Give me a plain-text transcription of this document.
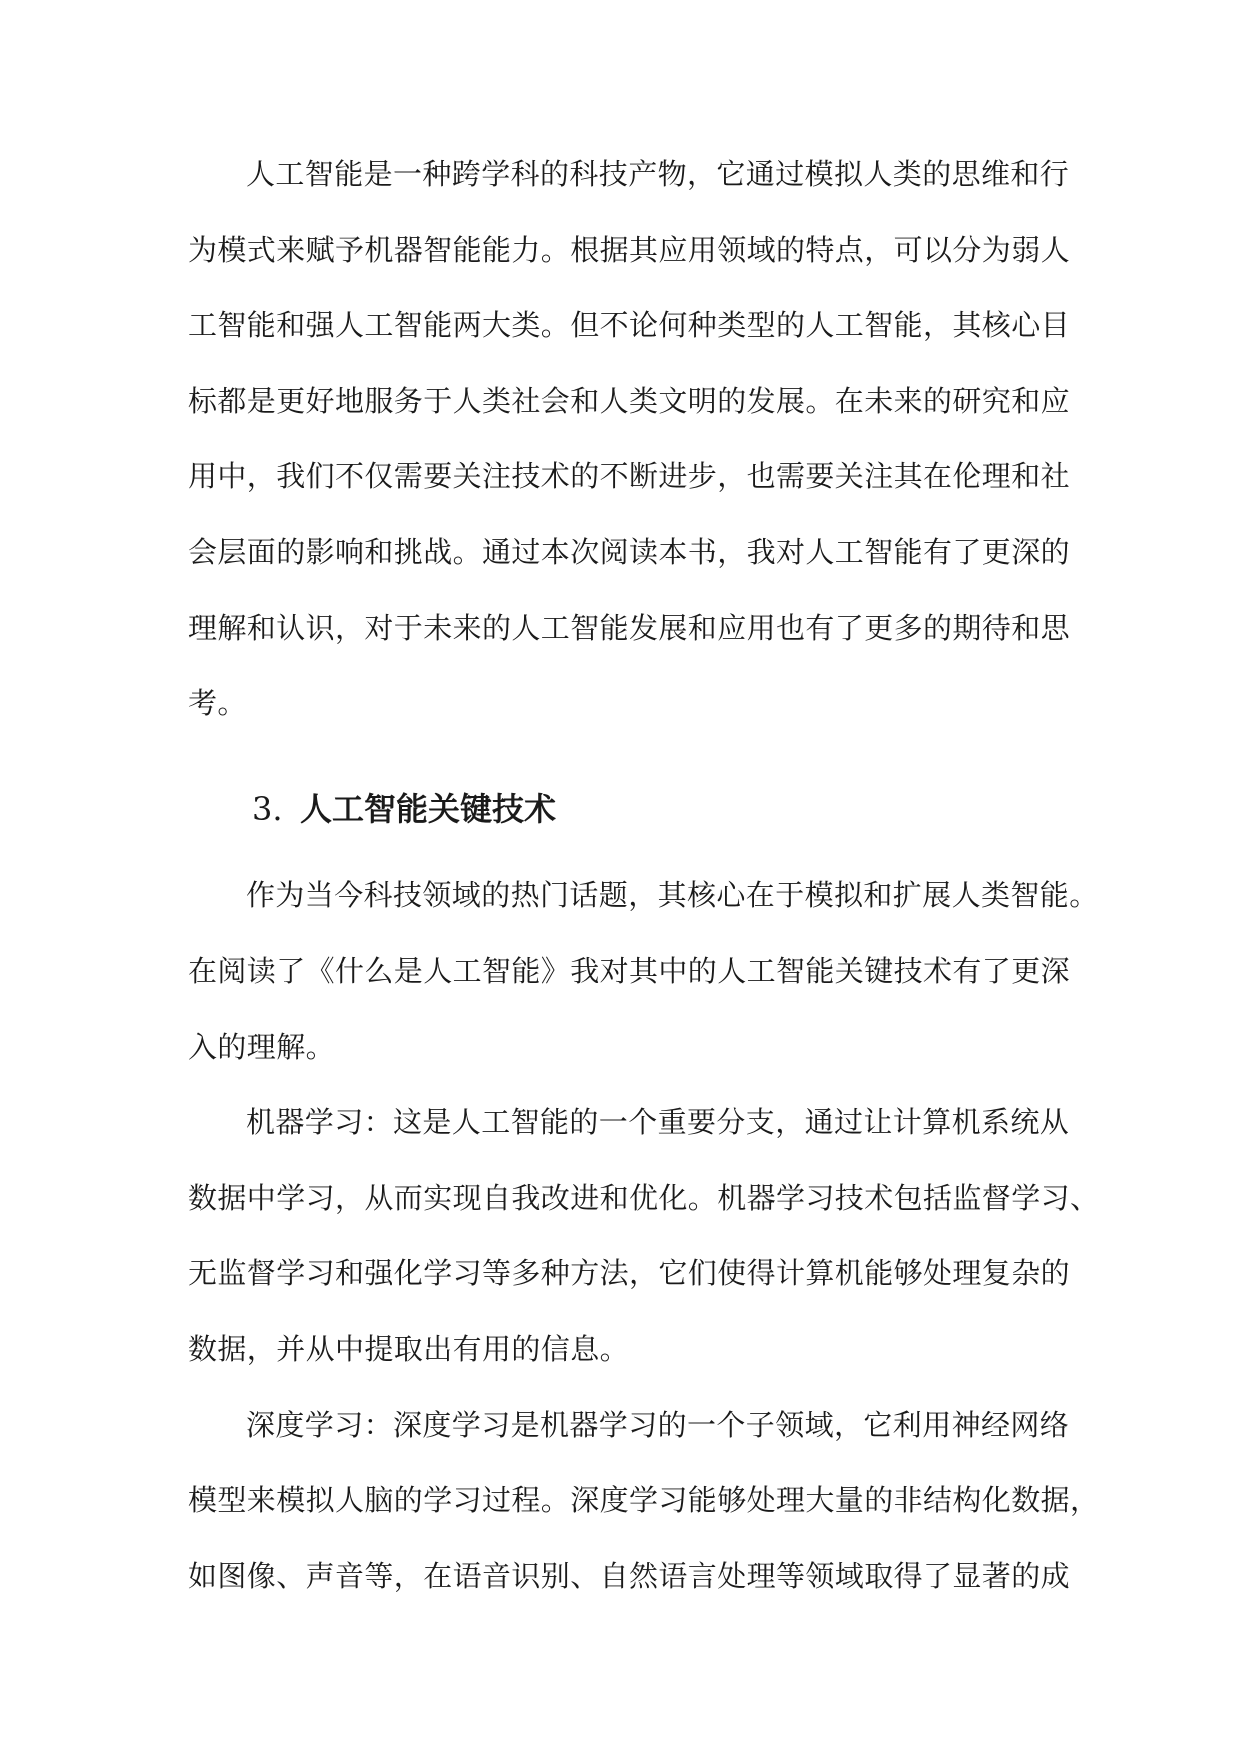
人工智能是一种跨学科的科技产物，它通过模拟人类的思维和行
为模式来赋予机器智能能力。根据其应用领域的特点，可以分为弱人
工智能和强人工智能两大类。但不论何种类型的人工智能，其核心目
标都是更好地服务于人类社会和人类文明的发展。在未来的研究和应
用中，我们不仅需要关注技术的不断进步，也需要关注其在伦理和社
会层面的影响和挑战。通过本次阅读本书，我对人工智能有了更深的
理解和认识，对于未来的人工智能发展和应用也有了更多的期待和思
考。
3. 人工智能关键技术
作为当今科技领域的热门话题，其核心在于模拟和扩展人类智能。
在阅读了《什么是人工智能》我对其中的人工智能关键技术有了更深
入的理解。
机器学习：这是人工智能的一个重要分支，通过让计算机系统从
数据中学习，从而实现自我改进和优化。机器学习技术包括监督学习、
无监督学习和强化学习等多种方法，它们使得计算机能够处理复杂的
数据，并从中提取出有用的信息。
深度学习：深度学习是机器学习的一个子领域，它利用神经网络
模型来模拟人脑的学习过程。深度学习能够处理大量的非结构化数据，
如图像、声音等，在语音识别、自然语言处理等领域取得了显著的成
